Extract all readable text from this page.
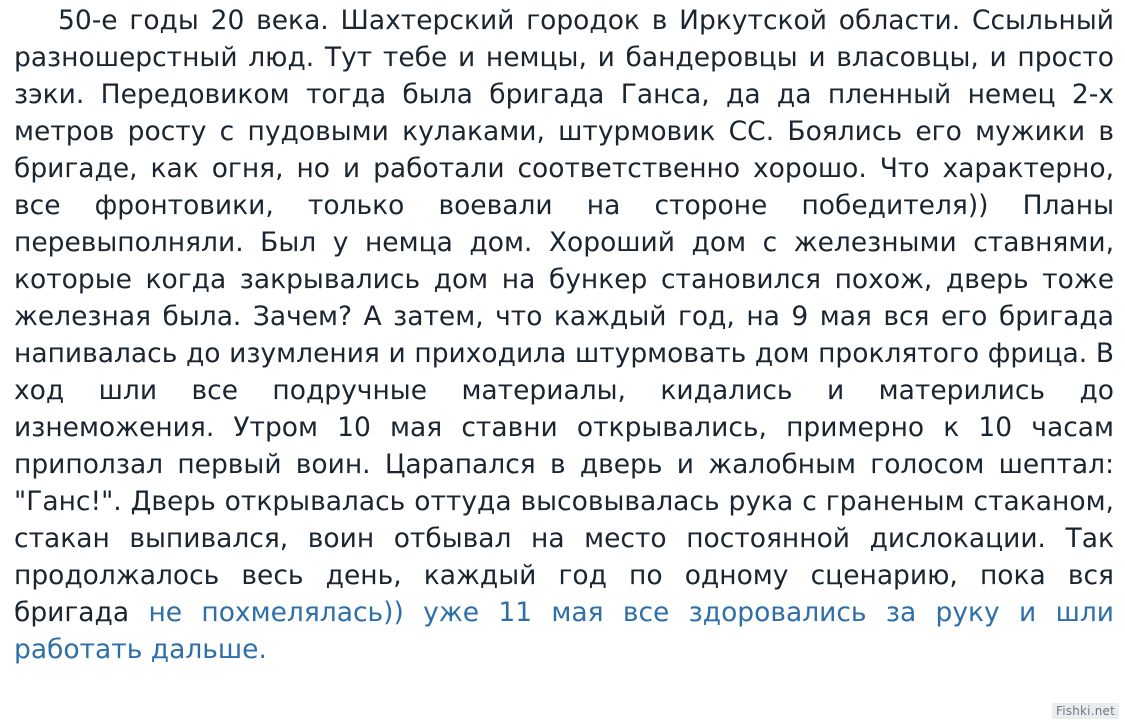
50-е годы 20 века. Шахтерский городок в Иркутской области. Ссыльный разношерстный люд. Тут тебе и немцы, и бандеровцы и власовцы, и просто зэки. Передовиком тогда была бригада Ганса, да да пленный немец 2-х метров росту с пудовыми кулаками, штурмовик СС. Боялись его мужики в бригаде, как огня, но и работали соответственно хорошо. Что характерно, все фронтовики, только воевали на стороне победителя)) Планы перевыполняли. Был у немца дом. Хороший дом с железными ставнями, которые когда закрывались дом на бункер становился похож, дверь тоже железная была. Зачем? А затем, что каждый год, на 9 мая вся его бригада напивалась до изумления и приходила штурмовать дом проклятого фрица. В ход шли все подручные материалы, кидались и матерились до изнеможения. Утром 10 мая ставни открывались, примерно к 10 часам приползал первый воин. Царапался в дверь и жалобным голосом шептал: "Ганс!". Дверь открывалась оттуда высовывалась рука с граненым стаканом, стакан выпивался, воин отбывал на место постоянной дислокации. Так продолжалось весь день, каждый год по одному сценарию, пока вся бригада не похмелялась)) уже 11 мая все здоровались за руку и шли работать дальше.

Fishki.net
